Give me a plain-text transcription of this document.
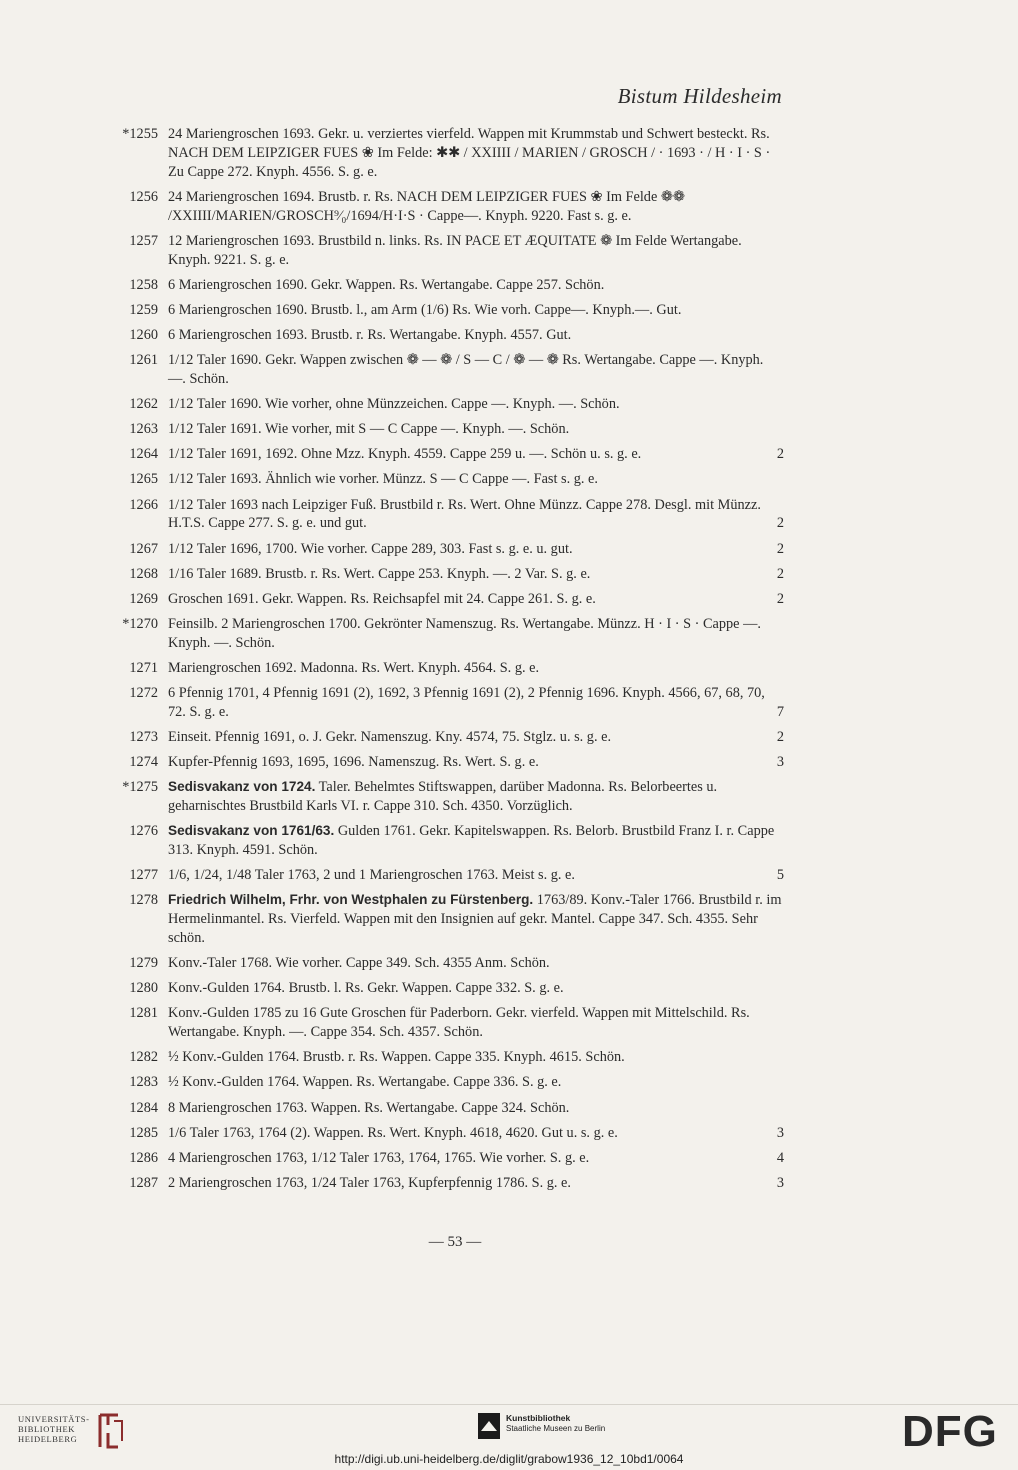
Bistum Hildesheim
*1255 24 Mariengroschen 1693. Gekr. u. verziertes vierfeld. Wappen mit Krummstab und Schwert besteckt. Rs. NACH DEM LEIPZIGER FUES ❀ Im Felde: ✱✱ / XXIIII / MARIEN / GROSCH / · 1693 · / H · I · S · Zu Cappe 272. Knyph. 4556. S. g. e.
1256 24 Mariengroschen 1694. Brustb. r. Rs. NACH DEM LEIPZIGER FUES ❀ Im Felde ❁❁ /XXIIII/MARIEN/GROSCH⁹⁄₀/1694/H·I·S · Cappe—. Knyph. 9220. Fast s. g. e.
1257 12 Mariengroschen 1693. Brustbild n. links. Rs. IN PACE ET ÆQUITATE ❁ Im Felde Wertangabe. Knyph. 9221. S. g. e.
1258 6 Mariengroschen 1690. Gekr. Wappen. Rs. Wertangabe. Cappe 257. Schön.
1259 6 Mariengroschen 1690. Brustb. l., am Arm (1/6) Rs. Wie vorh. Cappe—. Knyph.—. Gut.
1260 6 Mariengroschen 1693. Brustb. r. Rs. Wertangabe. Knyph. 4557. Gut.
1261 1/12 Taler 1690. Gekr. Wappen zwischen ❁ — ❁ / S — C / ❁ — ❁ Rs. Wertangabe. Cappe —. Knyph. —. Schön.
1262 1/12 Taler 1690. Wie vorher, ohne Münzzeichen. Cappe —. Knyph. —. Schön.
1263 1/12 Taler 1691. Wie vorher, mit S — C Cappe —. Knyph. —. Schön.
1264 1/12 Taler 1691, 1692. Ohne Mzz. Knyph. 4559. Cappe 259 u. —. Schön u. s. g. e.	2
1265 1/12 Taler 1693. Ähnlich wie vorher. Münzz. S — C Cappe —. Fast s. g. e.
1266 1/12 Taler 1693 nach Leipziger Fuß. Brustbild r. Rs. Wert. Ohne Münzz. Cappe 278. Desgl. mit Münzz. H.T.S. Cappe 277. S. g. e. und gut.	2
1267 1/12 Taler 1696, 1700. Wie vorher. Cappe 289, 303. Fast s. g. e. u. gut.	2
1268 1/16 Taler 1689. Brustb. r. Rs. Wert. Cappe 253. Knyph. —. 2 Var. S. g. e.	2
1269 Groschen 1691. Gekr. Wappen. Rs. Reichsapfel mit 24. Cappe 261. S. g. e.	2
*1270 Feinsilb. 2 Mariengroschen 1700. Gekrönter Namenszug. Rs. Wertangabe. Münzz. H · I · S · Cappe —. Knyph. —. Schön.
1271 Mariengroschen 1692. Madonna. Rs. Wert. Knyph. 4564. S. g. e.
1272 6 Pfennig 1701, 4 Pfennig 1691 (2), 1692, 3 Pfennig 1691 (2), 2 Pfennig 1696. Knyph. 4566, 67, 68, 70, 72. S. g. e.	7
1273 Einseit. Pfennig 1691, o. J. Gekr. Namenszug. Kny. 4574, 75. Stglz. u. s. g. e.	2
1274 Kupfer-Pfennig 1693, 1695, 1696. Namenszug. Rs. Wert. S. g. e.	3
*1275 Sedisvakanz von 1724. Taler. Behelmtes Stiftswappen, darüber Madonna. Rs. Belorbeertes u. geharnischtes Brustbild Karls VI. r. Cappe 310. Sch. 4350. Vorzüglich.
1276 Sedisvakanz von 1761/63. Gulden 1761. Gekr. Kapitelswappen. Rs. Belorb. Brustbild Franz I. r. Cappe 313. Knyph. 4591. Schön.
1277 1/6, 1/24, 1/48 Taler 1763, 2 und 1 Mariengroschen 1763. Meist s. g. e.	5
1278 Friedrich Wilhelm, Frhr. von Westphalen zu Fürstenberg. 1763/89. Konv.-Taler 1766. Brustbild r. im Hermelinmantel. Rs. Vierfeld. Wappen mit den Insignien auf gekr. Mantel. Cappe 347. Sch. 4355. Sehr schön.
1279 Konv.-Taler 1768. Wie vorher. Cappe 349. Sch. 4355 Anm. Schön.
1280 Konv.-Gulden 1764. Brustb. l. Rs. Gekr. Wappen. Cappe 332. S. g. e.
1281 Konv.-Gulden 1785 zu 16 Gute Groschen für Paderborn. Gekr. vierfeld. Wappen mit Mittelschild. Rs. Wertangabe. Knyph. —. Cappe 354. Sch. 4357. Schön.
1282 ½ Konv.-Gulden 1764. Brustb. r. Rs. Wappen. Cappe 335. Knyph. 4615. Schön.
1283 ½ Konv.-Gulden 1764. Wappen. Rs. Wertangabe. Cappe 336. S. g. e.
1284 8 Mariengroschen 1763. Wappen. Rs. Wertangabe. Cappe 324. Schön.
1285 1/6 Taler 1763, 1764 (2). Wappen. Rs. Wert. Knyph. 4618, 4620. Gut u. s. g. e.	3
1286 4 Mariengroschen 1763, 1/12 Taler 1763, 1764, 1765. Wie vorher. S. g. e.	4
1287 2 Mariengroschen 1763, 1/24 Taler 1763, Kupferpfennig 1786. S. g. e.	3
— 53 —
UNIVERSITÄTS-
BIBLIOTHEK
HEIDELBERG
Kunstbibliothek
Staatliche Museen zu Berlin	DFG
http://digi.ub.uni-heidelberg.de/diglit/grabow1936_12_10bd1/0064
